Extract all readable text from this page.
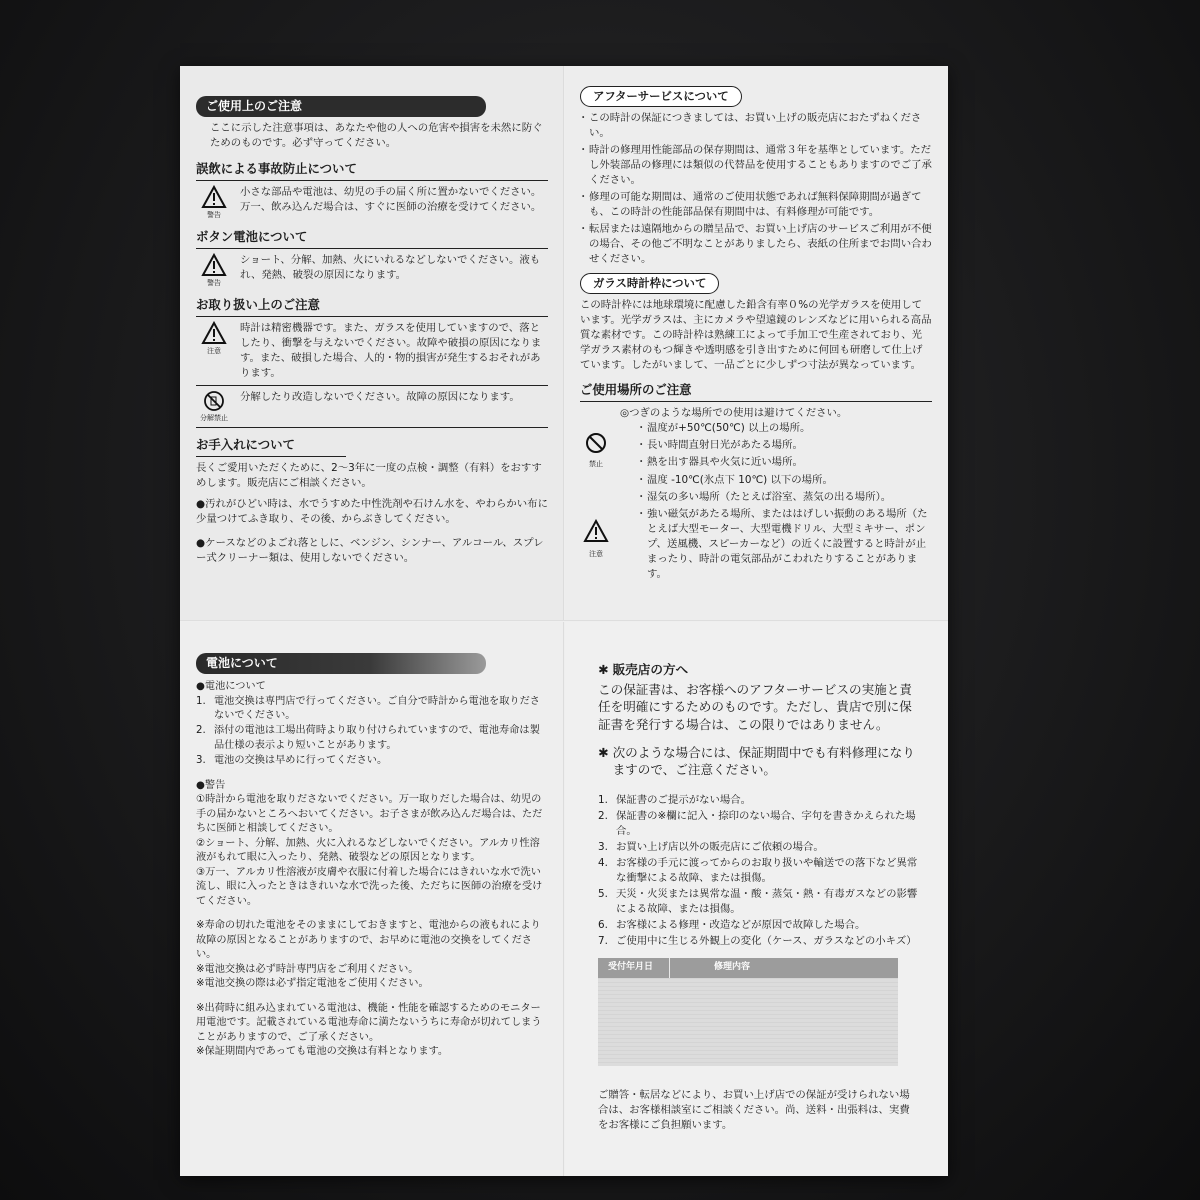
ご使用上のご注意

ここに示した注意事項は、あなたや他の人への危害や損害を未然に防ぐためのものです。必ず守ってください。

誤飲による事故防止について
警告
小さな部品や電池は、幼児の手の届く所に置かないでください。万一、飲み込んだ場合は、すぐに医師の治療を受けてください。
ボタン電池について
警告
ショート、分解、加熱、火にいれるなどしないでください。液もれ、発熱、破裂の原因になります。
お取り扱い上のご注意
注意
時計は精密機器です。また、ガラスを使用していますので、落としたり、衝撃を与えないでください。故障や破損の原因になります。また、破損した場合、人的・物的損害が発生するおそれがあります。
分解禁止
分解したり改造しないでください。故障の原因になります。
お手入れについて

長くご愛用いただくために、2〜3年に一度の点検・調整（有料）をおすすめします。販売店にご相談ください。

●汚れがひどい時は、水でうすめた中性洗剤や石けん水を、やわらかい布に少量つけてふき取り、その後、からぶきしてください。

●ケースなどのよごれ落としに、ベンジン、シンナー、アルコール、スプレー式クリーナー類は、使用しないでください。

アフターサービスについて
・ この時計の保証につきましては、お買い上げの販売店におたずねください。
・ 時計の修理用性能部品の保存期間は、通常３年を基準としています。ただし外装部品の修理には類似の代替品を使用することもありますのでご了承ください。
・ 修理の可能な期間は、通常のご使用状態であれば無料保障期間が過ぎても、この時計の性能部品保有期間中は、有料修理が可能です。
・ 転居または遠隔地からの贈呈品で、お買い上げ店のサービスご利用が不便の場合、その他ご不明なことがありましたら、表紙の住所までお問い合わせください。
ガラス時計枠について

この時計枠には地球環境に配慮した鉛含有率０%の光学ガラスを使用しています。光学ガラスは、主にカメラや望遠鏡のレンズなどに用いられる高品質な素材です。この時計枠は熟練工によって手加工で生産されており、光学ガラス素材のもつ輝きや透明感を引き出すために何回も研磨して仕上げています。したがいまして、一品ごとに少しずつ寸法が異なっています。

ご使用場所のご注意
禁止
注意

◎つぎのような場所での使用は避けてください。

・ 温度が+50℃(50℃) 以上の場所。
・ 長い時間直射日光があたる場所。
・ 熱を出す器具や火気に近い場所。
・ 温度 -10℃(氷点下 10℃) 以下の場所。
・ 湿気の多い場所（たとえば浴室、蒸気の出る場所）。
・ 強い磁気があたる場所、またははげしい振動のある場所（たとえば大型モーター、大型電機ドリル、大型ミキサー、ポンプ、送風機、スピーカーなど）の近くに設置すると時計が止まったり、時計の電気部品がこわれたりすることがあります。
電池について

●電池について

1. 電池交換は専門店で行ってください。ご自分で時計から電池を取りださないでください。
2. 添付の電池は工場出荷時より取り付けられていますので、電池寿命は製品仕様の表示より短いことがあります。
3. 電池の交換は早めに行ってください。

●警告

①時計から電池を取りださないでください。万一取りだした場合は、幼児の手の届かないところへおいてください。お子さまが飲み込んだ場合は、ただちに医師と相談してください。

②ショート、分解、加熱、火に入れるなどしないでください。アルカリ性溶液がもれて眼に入ったり、発熱、破裂などの原因となります。

③万一、アルカリ性溶液が皮膚や衣服に付着した場合にはきれいな水で洗い流し、眼に入ったときはきれいな水で洗った後、ただちに医師の治療を受けてください。

※寿命の切れた電池をそのままにしておきますと、電池からの液もれにより故障の原因となることがありますので、お早めに電池の交換をしてください。

※電池交換は必ず時計専門店をご利用ください。

※電池交換の際は必ず指定電池をご使用ください。

※出荷時に組み込まれている電池は、機能・性能を確認するためのモニター用電池です。記載されている電池寿命に満たないうちに寿命が切れてしまうことがありますので、ご了承ください。

※保証期間内であっても電池の交換は有料となります。

✱ 販売店の方へ

この保証書は、お客様へのアフターサービスの実施と責任を明確にするためのものです。ただし、貴店で別に保証書を発行する場合は、この限りではありません。

✱ 次のような場合には、保証期間中でも有料修理になりますので、ご注意ください。

1. 保証書のご提示がない場合。
2. 保証書の※欄に記入・捺印のない場合、字句を書きかえられた場合。
3. お買い上げ店以外の販売店にご依頼の場合。
4. お客様の手元に渡ってからのお取り扱いや輸送での落下など異常な衝撃による故障、または損傷。
5. 天災・火災または異常な温・酸・蒸気・熱・有毒ガスなどの影響による故障、または損傷。
6. お客様による修理・改造などが原因で故障した場合。
7. ご使用中に生じる外観上の変化（ケース、ガラスなどの小キズ）
受付年月日	修理内容

ご贈答・転居などにより、お買い上げ店での保証が受けられない場合は、お客様相談室にご相談ください。尚、送料・出張料は、実費をお客様にご負担願います。
